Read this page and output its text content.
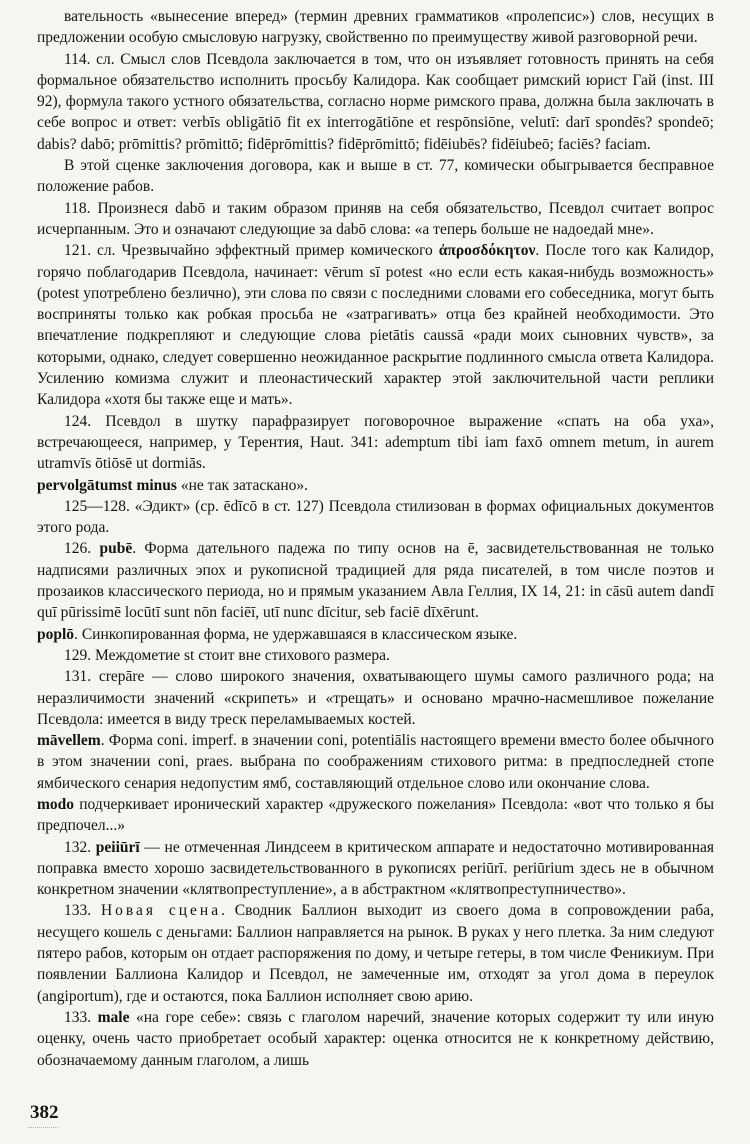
вательность «вынесение вперед» (термин древних грамматиков «пролепсис») слов, несущих в предложении особую смысловую нагрузку, свойственно по преимуществу живой разговорной речи.

114. сл. Смысл слов Псевдола заключается в том, что он изъявляет готовность принять на себя формальное обязательство исполнить просьбу Калидора. Как сообщает римский юрист Гай (inst. III 92), формула такого устного обязательства, согласно норме римского права, должна была заключать в себе вопрос и ответ: verbīs obligātiō fit ex interrogātiōne et respōnsiōne, velutī: darī spondēs? spondeō; dabis? dabō; prōmittis? prōmittō; fidēprōmittis? fidēprōmittō; fidēiubēs? fidēiubeō; faciēs? faciam.

В этой сценке заключения договора, как и выше в ст. 77, комически обыгрывается бесправное положение рабов.

118. Произнеся dabō и таким образом приняв на себя обязательство, Псевдол считает вопрос исчерпанным. Это и означают следующие за dabō слова: «а теперь больше не надоедай мне».

121. сл. Чрезвычайно эффектный пример комического ἀπροσδόκητον. После того как Калидор, горячо поблагодарив Псевдола, начинает: vērum sī potest «но если есть какая-нибудь возможность» (potest употреблено безлично), эти слова по связи с последними словами его собеседника, могут быть восприняты только как робкая просьба не «затрагивать» отца без крайней необходимости. Это впечатление подкрепляют и следующие слова pietātis caussā «ради моих сыновних чувств», за которыми, однако, следует совершенно неожиданное раскрытие подлинного смысла ответа Калидора. Усилению комизма служит и плеонастический характер этой заключительной части реплики Калидора «хотя бы также еще и мать».

124. Псевдол в шутку парафразирует поговорочное выражение «спать на оба уха», встречающееся, например, у Терентия, Haut. 341: ademptum tibi iam faxō omnem metum, in aurem utramvīs ōtiōsē ut dormiās.

pervolgātumst minus «не так затаскано».

125—128. «Эдикт» (ср. ēdīcō в ст. 127) Псевдола стилизован в формах официальных документов этого рода.

126. pubē. Форма дательного падежа по типу основ на ē, засвидетельствованная не только надписями различных эпох и рукописной традицией для ряда писателей, в том числе поэтов и прозаиков классического периода, но и прямым указанием Авла Геллия, IX 14, 21: in cāsū autem dandī quī pūrissimē locūtī sunt nōn faciēī, utī nunc dīcitur, seb faciē dīxērunt.

poplō. Синкопированная форма, не удержавшаяся в классическом языке.

129. Междометие st стоит вне стихового размера.

131. crepāre — слово широкого значения, охватывающего шумы самого различного рода; на неразличимости значений «скрипеть» и «трещать» и основано мрачно-насмешливое пожелание Псевдола: имеется в виду треск переламываемых костей.

māvellem. Форма coni. imperf. в значении coni, potentiālis настоящего времени вместо более обычного в этом значении coni, praes. выбрана по соображениям стихового ритма: в предпоследней стопе ямбического сенария недопустим ямб, составляющий отдельное слово или окончание слова.

modo подчеркивает иронический характер «дружеского пожелания» Псевдола: «вот что только я бы предпочел...»

132. peiiūrī — не отмеченная Линдсеем в критическом аппарате и недостаточно мотивированная поправка вместо хорошо засвидетельствованного в рукописях periūrī. periūrium здесь не в обычном конкретном значении «клятвопреступление», а в абстрактном «клятвопреступничество».

133. Новая сцена. Сводник Баллион выходит из своего дома в сопровождении раба, несущего кошель с деньгами: Баллион направляется на рынок. В руках у него плетка. За ним следуют пятеро рабов, которым он отдает распоряжения по дому, и четыре гетеры, в том числе Феникиум. При появлении Баллиона Калидор и Псевдол, не замеченные им, отходят за угол дома в переулок (angiportum), где и остаются, пока Баллион исполняет свою арию.

133. male «на горе себе»: связь с глаголом наречий, значение которых содержит ту или иную оценку, очень часто приобретает особый характер: оценка относится не к конкретному действию, обозначаемому данным глаголом, а лишь

382
